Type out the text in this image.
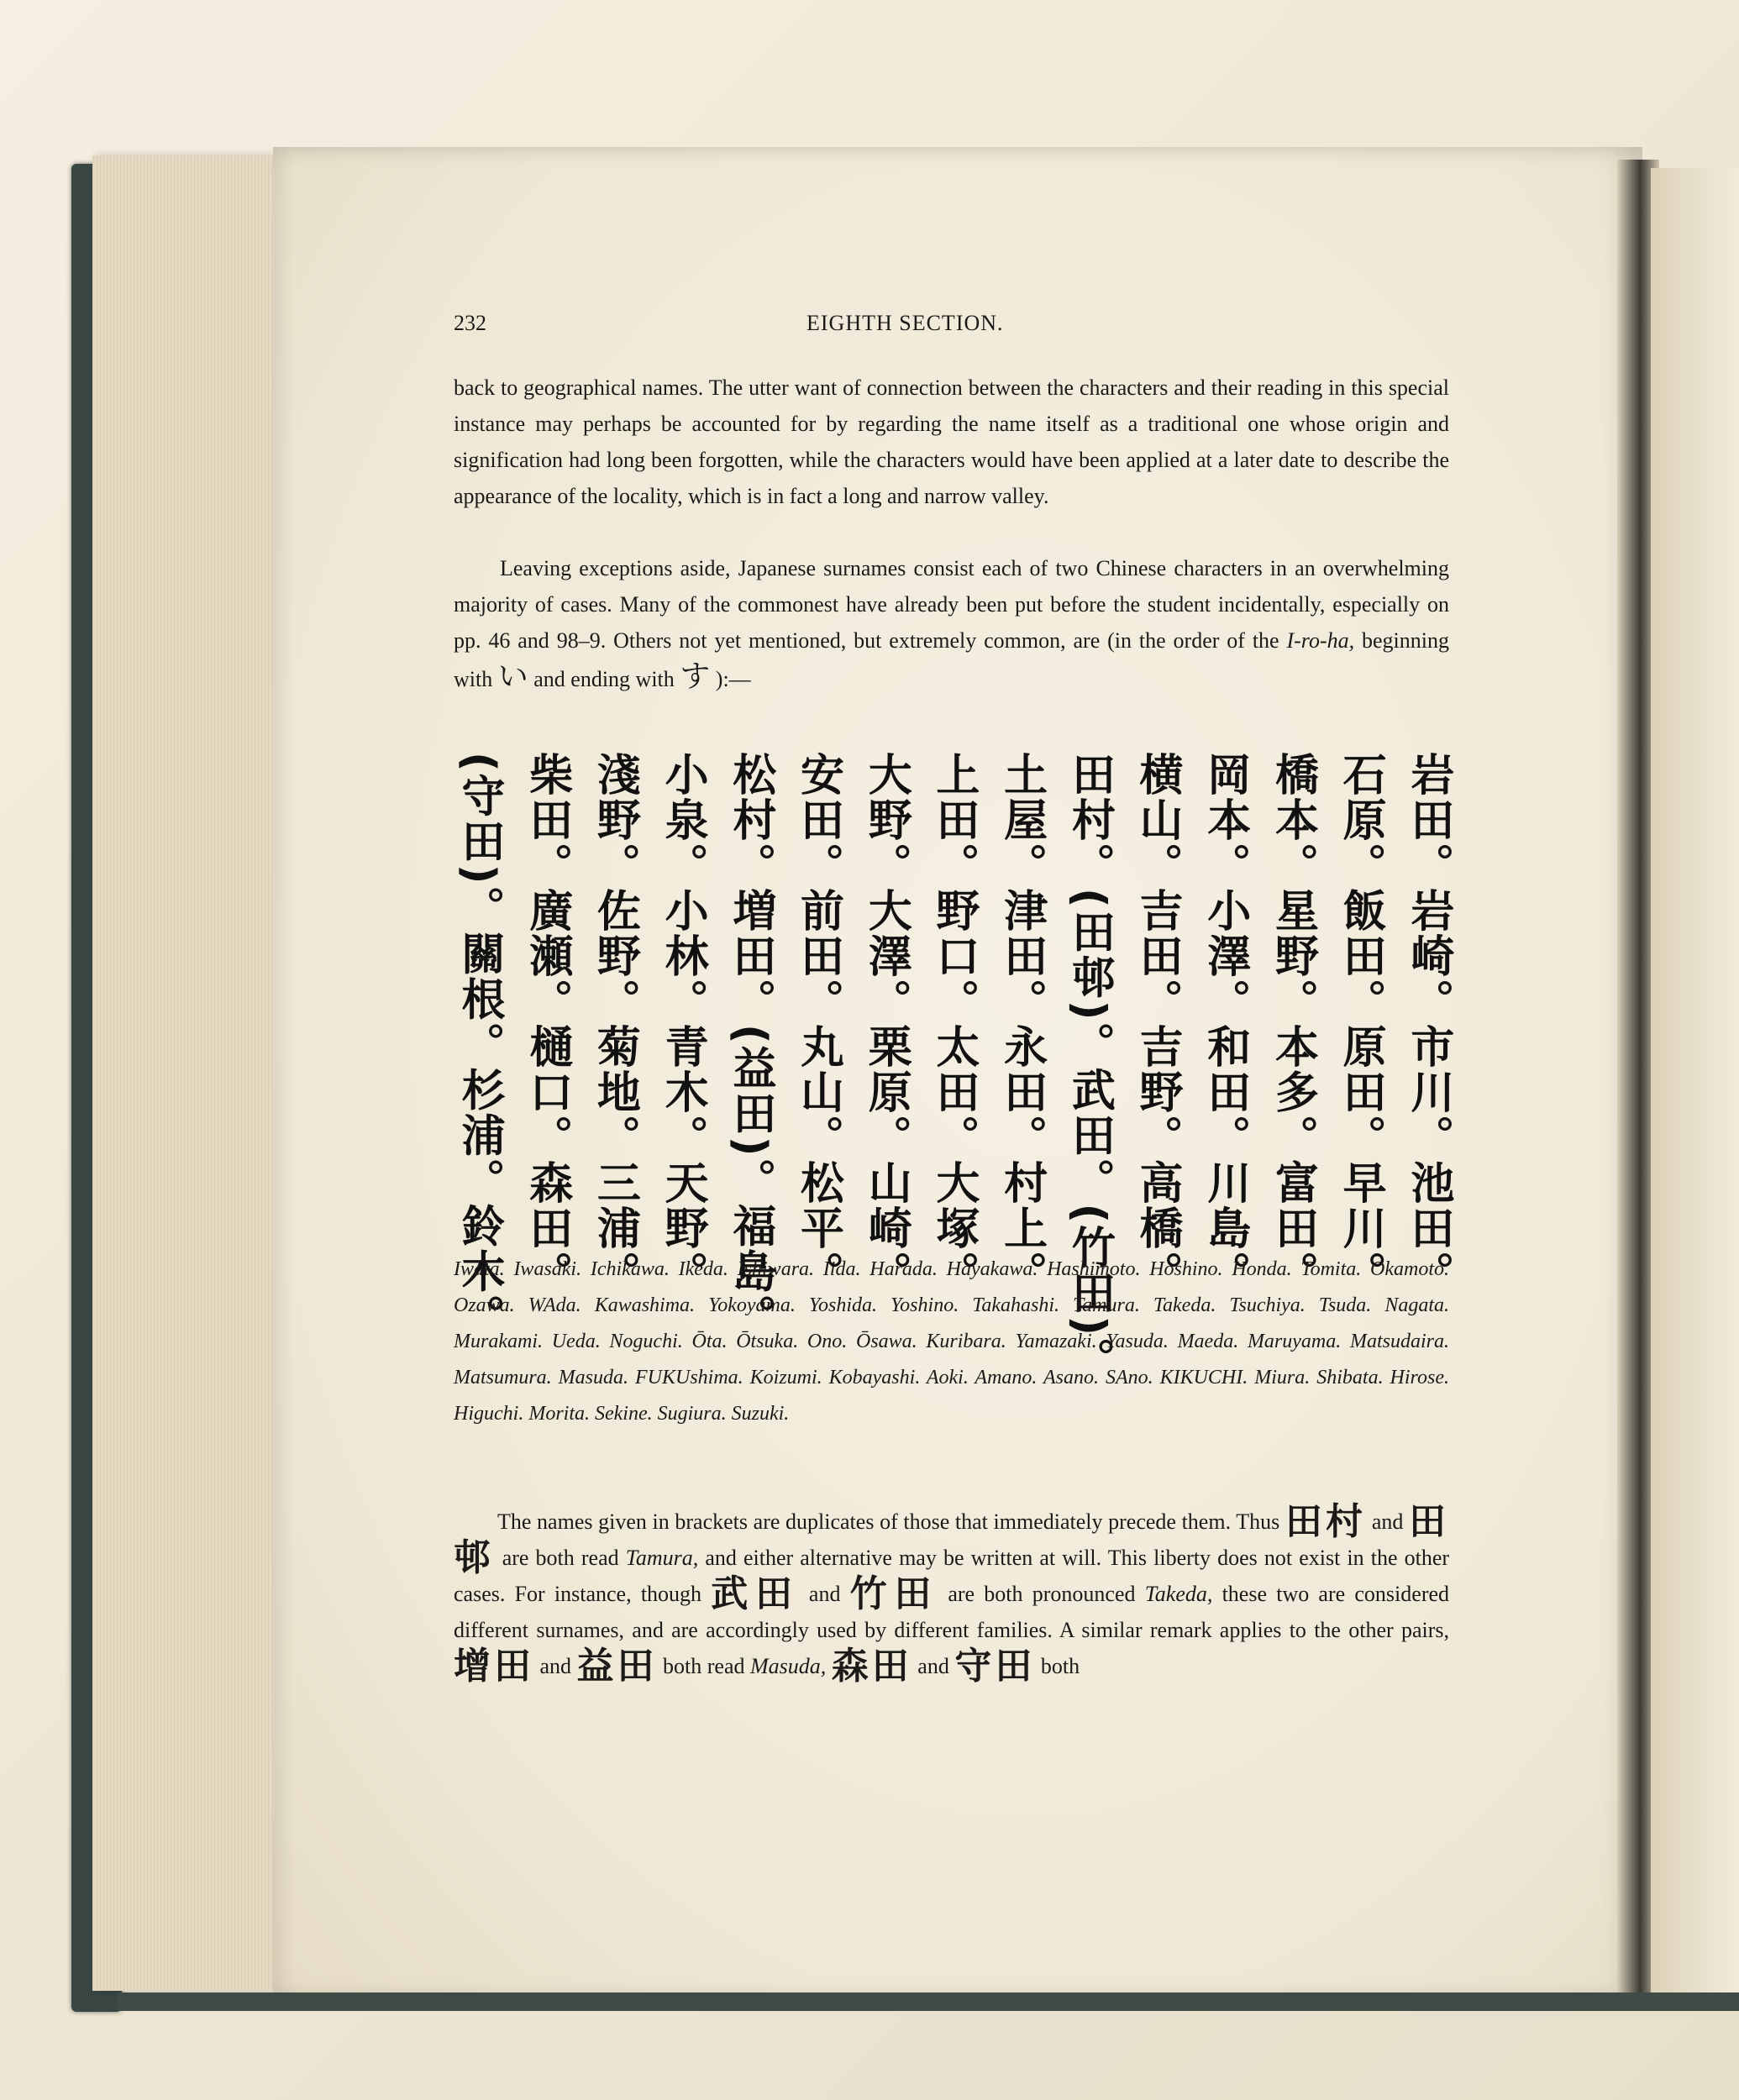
232	EIGHTH SECTION.
back to geographical names. The utter want of connection between the characters and their reading in this special instance may perhaps be accounted for by regarding the name itself as a traditional one whose origin and signification had long been forgotten, while the characters would have been applied at a later date to describe the appearance of the locality, which is in fact a long and narrow valley.
Leaving exceptions aside, Japanese surnames consist each of two Chinese characters in an overwhelming majority of cases. Many of the commonest have already been put before the student incidentally, especially on pp. 46 and 98–9. Others not yet mentioned, but extremely common, are (in the order of the I-ro-ha, beginning with い and ending with す ):—
岩田。岩崎。市川。池田。
石原。飯田。原田。早川。
橋本。星野。本多。富田。
岡本。小澤。和田。川島。
横山。吉田。吉野。高橋。
田村。(田邨)。武田。(竹田)。
土屋。津田。永田。村上。
上田。野口。太田。大塚。
大野。大澤。栗原。山崎。
安田。前田。丸山。松平。
松村。増田。(益田)。福島。
小泉。小林。青木。天野。
淺野。佐野。菊地。三浦。
柴田。廣瀬。樋口。森田。
(守田)。關根。杉浦。鈴木。
Iwata. Iwasaki. Ichikawa. Ikeda. Ishiwara. Iida. Harada. Hayakawa. Hashimoto. Hoshino. Honda. Tomita. Okamoto. Ozawa. WAda. Kawashima. Yokoyama. Yoshida. Yoshino. Takahashi. Tamura. Takeda. Tsuchiya. Tsuda. Nagata. Murakami. Ueda. Noguchi. Ōta. Ōtsuka. Ono. Ōsawa. Kuribara. Yamazaki. Yasuda. Maeda. Maruyama. Matsudaira. Matsumura. Masuda. FUKUshima. Koizumi. Kobayashi. Aoki. Amano. Asano. SAno. KIKUCHI. Miura. Shibata. Hirose. Higuchi. Morita. Sekine. Sugiura. Suzuki.
The names given in brackets are duplicates of those that immediately precede them. Thus 田村 and 田邨 are both read Tamura, and either alternative may be written at will. This liberty does not exist in the other cases. For instance, though 武田 and 竹田 are both pronounced Takeda, these two are considered different surnames, and are accordingly used by different families. A similar remark applies to the other pairs, 增田 and 益田 both read Masuda, 森田 and 守田 both
